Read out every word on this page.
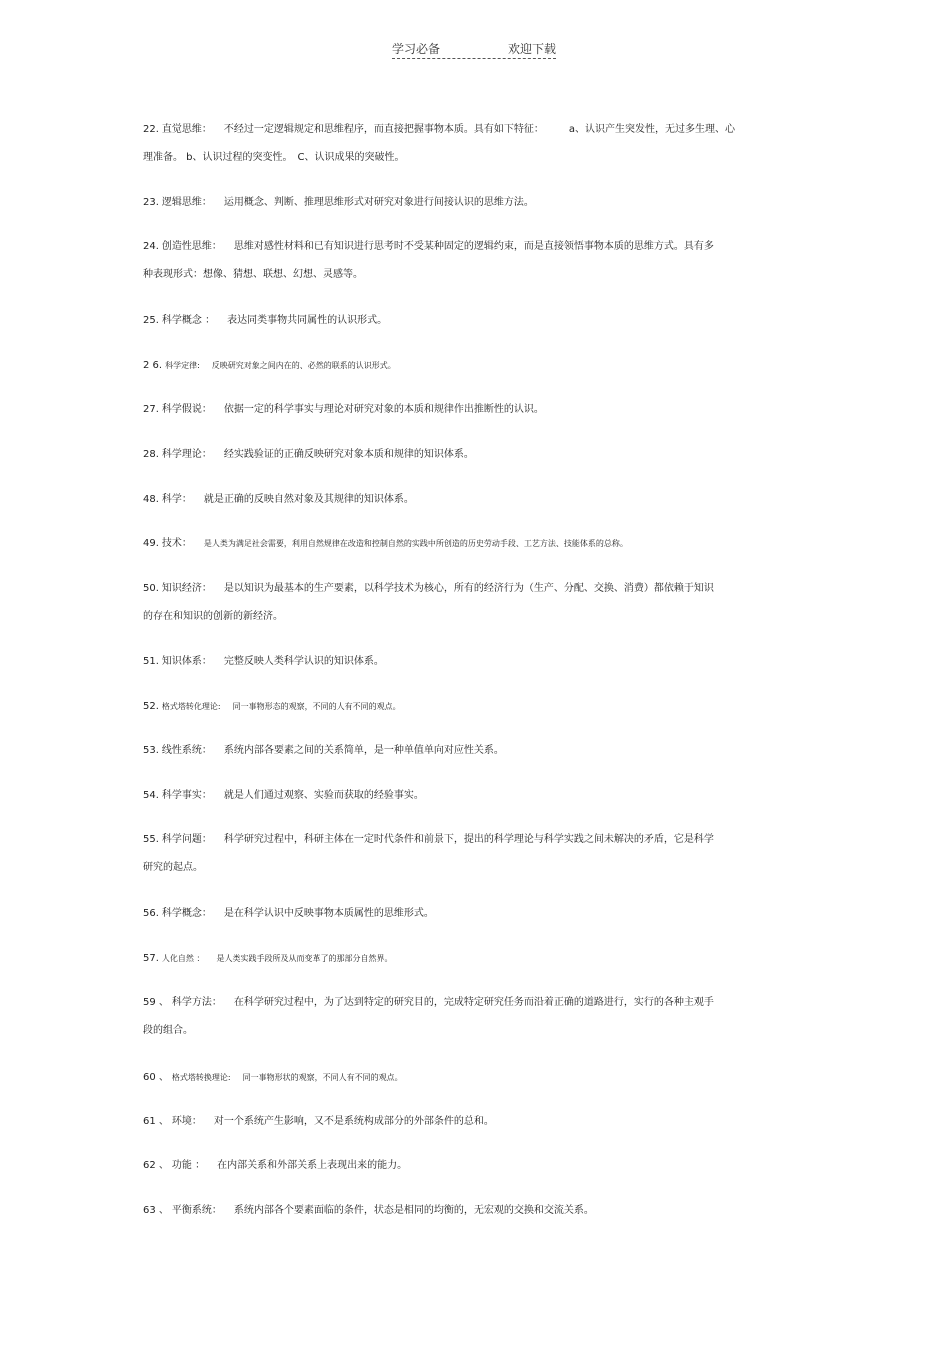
学习必备	欢迎下载
22. 直觉思维： 不经过一定逻辑规定和思维程序，而直接把握事物本质。具有如下特征：　　　a、认识产生突发性，无过多生理、心
理准备。 b、认识过程的突变性。　C、认识成果的突破性。
23. 逻辑思维： 运用概念、判断、推理思维形式对研究对象进行间接认识的思维方法。
24. 创造性思维： 思维对感性材料和已有知识进行思考时不受某种固定的逻辑约束，而是直接领悟事物本质的思维方式。具有多
种表现形式：想像、猜想、联想、幻想、灵感等。
25. 科学概念 ： 表达同类事物共同属性的认识形式。
2 6. 科学定律: 反映研究对象之间内在的、必然的联系的认识形式。
27. 科学假说： 依据一定的科学事实与理论对研究对象的本质和规律作出推断性的认识。
28. 科学理论： 经实践验证的正确反映研究对象本质和规律的知识体系。
48. 科学： 就是正确的反映自然对象及其规律的知识体系。
49. 技术： 是人类为满足社会需要，利用自然规律在改造和控制自然的实践中所创造的历史劳动手段、工艺方法、技能体系的总称。
50. 知识经济： 是以知识为最基本的生产要素，以科学技术为核心，所有的经济行为（生产、分配、交换、消费）都依赖于知识
的存在和知识的创新的新经济。
51. 知识体系： 完整反映人类科学认识的知识体系。
52. 格式塔转化理论: 同一事物形态的观察，不同的人有不同的观点。
53. 线性系统： 系统内部各要素之间的关系简单，是一种单值单向对应性关系。
54. 科学事实： 就是人们通过观察、实验而获取的经验事实。
55. 科学问题： 科学研究过程中，科研主体在一定时代条件和前景下，提出的科学理论与科学实践之间未解决的矛盾，它是科学
研究的起点。
56. 科学概念： 是在科学认识中反映事物本质属性的思维形式。
57. 人化自然 ： 是人类实践手段所及从而变革了的那部分自然界。
59 、 科学方法： 在科学研究过程中，为了达到特定的研究目的，完成特定研究任务而沿着正确的道路进行，实行的各种主观手
段的组合。
60 、 格式塔转换理论: 同一事物形状的观察，不同人有不同的观点。
61 、 环境： 对一个系统产生影响，又不是系统构成部分的外部条件的总和。
62 、 功能 ： 在内部关系和外部关系上表现出来的能力。
63 、 平衡系统： 系统内部各个要素面临的条件，状态是相同的均衡的，无宏观的交换和交流关系。
